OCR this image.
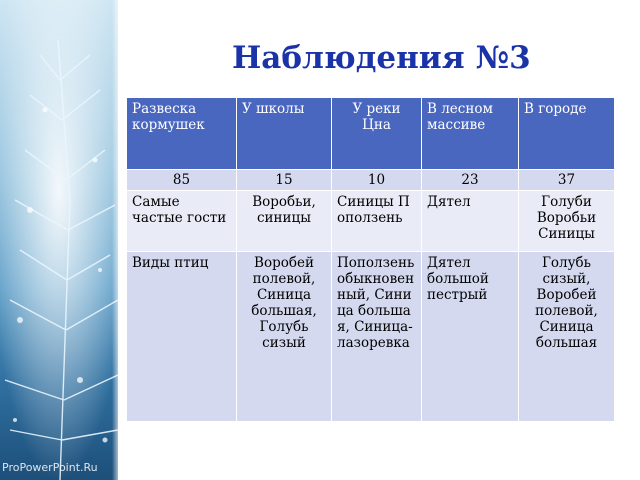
ProPowerPoint.Ru
Наблюдения №3
Развеска кормушек	У школы	У реки Цна	В лесном массиве	В городе
85	15	10	23	37
Самые частые гости	Воробьи, синицы	Синицы Поползень	Дятел	Голуби Воробьи Синицы
Виды птиц	Воробей полевой, Синица большая, Голубь сизый	Поползень обыкновенный, Синица большая, Синица-лазоревка	Дятел большой пестрый	Голубь сизый, Воробей полевой, Синица большая
